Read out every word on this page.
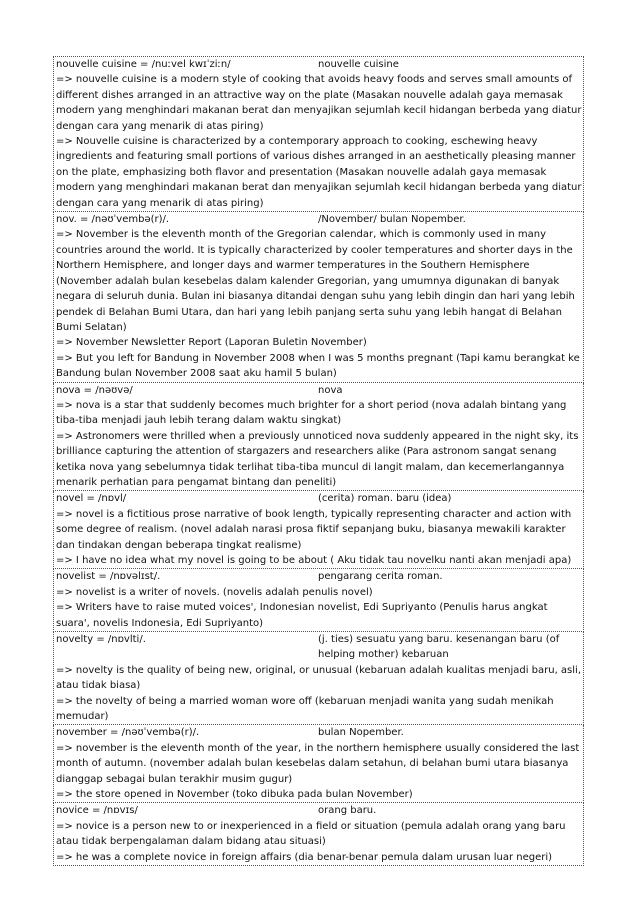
nouvelle cuisine = /nuːvel kwɪˈziːn/	nouvelle cuisine
=> nouvelle cuisine is a modern style of cooking that avoids heavy foods and serves small amounts of different dishes arranged in an attractive way on the plate (Masakan nouvelle adalah gaya memasak modern yang menghindari makanan berat dan menyajikan sejumlah kecil hidangan berbeda yang diatur dengan cara yang menarik di atas piring)
=> Nouvelle cuisine is characterized by a contemporary approach to cooking, eschewing heavy ingredients and featuring small portions of various dishes arranged in an aesthetically pleasing manner on the plate, emphasizing both flavor and presentation (Masakan nouvelle adalah gaya memasak modern yang menghindari makanan berat dan menyajikan sejumlah kecil hidangan berbeda yang diatur dengan cara yang menarik di atas piring)
nov. = /nəʊˈvembə(r)/.	/November/ bulan Nopember.
=> November is the eleventh month of the Gregorian calendar, which is commonly used in many countries around the world. It is typically characterized by cooler temperatures and shorter days in the Northern Hemisphere, and longer days and warmer temperatures in the Southern Hemisphere (November adalah bulan kesebelas dalam kalender Gregorian, yang umumnya digunakan di banyak negara di seluruh dunia. Bulan ini biasanya ditandai dengan suhu yang lebih dingin dan hari yang lebih pendek di Belahan Bumi Utara, dan hari yang lebih panjang serta suhu yang lebih hangat di Belahan Bumi Selatan)
=> November Newsletter Report (Laporan Buletin November)
=> But you left for Bandung in November 2008 when I was 5 months pregnant (Tapi kamu berangkat ke Bandung bulan November 2008 saat aku hamil 5 bulan)
nova = /nəʊvə/	nova
=> nova is a star that suddenly becomes much brighter for a short period (nova adalah bintang yang tiba-tiba menjadi jauh lebih terang dalam waktu singkat)
=> Astronomers were thrilled when a previously unnoticed nova suddenly appeared in the night sky, its brilliance capturing the attention of stargazers and researchers alike (Para astronom sangat senang ketika nova yang sebelumnya tidak terlihat tiba-tiba muncul di langit malam, dan kecemerlangannya menarik perhatian para pengamat bintang dan peneliti)
novel = /nɒvl/	(cerita) roman. baru (idea)
=> novel is a fictitious prose narrative of book length, typically representing character and action with some degree of realism. (novel adalah narasi prosa fiktif sepanjang buku, biasanya mewakili karakter dan tindakan dengan beberapa tingkat realisme)
=> I have no idea what my novel is going to be about ( Aku tidak tau novelku nanti akan menjadi apa)
novelist = /nɒvəlɪst/.	pengarang cerita roman.
=> novelist is a writer of novels. (novelis adalah penulis novel)
=> Writers have to raise muted voices', Indonesian novelist, Edi Supriyanto (Penulis harus angkat suara', novelis Indonesia, Edi Supriyanto)
novelty = /nɒvlti/.	(j. ties) sesuatu yang baru. kesenangan baru (of helping mother) kebaruan
=> novelty is the quality of being new, original, or unusual (kebaruan adalah kualitas menjadi baru, asli, atau tidak biasa)
=> the novelty of being a married woman wore off (kebaruan menjadi wanita yang sudah menikah memudar)
november = /nəʊˈvembə(r)/.	bulan Nopember.
=> november is the eleventh month of the year, in the northern hemisphere usually considered the last month of autumn. (november adalah bulan kesebelas dalam setahun, di belahan bumi utara biasanya dianggap sebagai bulan terakhir musim gugur)
=> the store opened in November (toko dibuka pada bulan November)
novice = /nɒvɪs/	orang baru.
=> novice is a person new to or inexperienced in a field or situation (pemula adalah orang yang baru atau tidak berpengalaman dalam bidang atau situasi)
=> he was a complete novice in foreign affairs (dia benar-benar pemula dalam urusan luar negeri)
